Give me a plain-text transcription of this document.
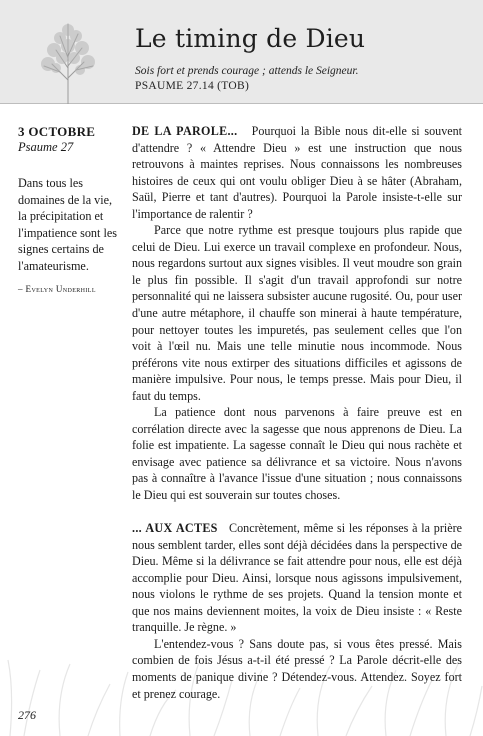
Le timing de Dieu
Sois fort et prends courage ; attends le Seigneur.
PSAUME 27.14 (TOB)
3 OCTOBRE
Psaume 27
Dans tous les domaines de la vie, la précipitation et l'impatience sont les signes certains de l'amateurisme.
– Evelyn Underhill

DE LA PAROLE... Pourquoi la Bible nous dit-elle si souvent d'attendre ? « Attendre Dieu » est une instruction que nous retrouvons à maintes reprises. Nous connaissons les nombreuses histoires de ceux qui ont voulu obliger Dieu à se hâter (Abraham, Saül, Pierre et tant d'autres). Pourquoi la Parole insiste-t-elle sur l'importance de ralentir ?

Parce que notre rythme est presque toujours plus rapide que celui de Dieu. Lui exerce un travail complexe en profondeur. Nous, nous regardons surtout aux signes visibles. Il veut moudre son grain le plus fin possible. Il s'agit d'un travail approfondi sur notre personnalité qui ne laissera subsister aucune rugosité. Ou, pour user d'une autre métaphore, il chauffe son minerai à haute température, pour nettoyer toutes les impuretés, pas seulement celles que l'on voit à l'œil nu. Mais une telle minutie nous incommode. Nous préférons vite nous extirper des situations difficiles et agissons de manière impulsive. Pour nous, le temps presse. Mais pour Dieu, il faut du temps.

La patience dont nous parvenons à faire preuve est en corrélation directe avec la sagesse que nous apprenons de Dieu. La folie est impatiente. La sagesse connaît le Dieu qui nous rachète et envisage avec patience sa délivrance et sa victoire. Nous n'avons pas à connaître à l'avance l'issue d'une situation ; nous connaissons le Dieu qui est souverain sur toutes choses.

... AUX ACTES Concrètement, même si les réponses à la prière nous semblent tarder, elles sont déjà décidées dans la perspective de Dieu. Même si la délivrance se fait attendre pour nous, elle est déjà accomplie pour Dieu. Ainsi, lorsque nous agissons impulsivement, nous violons le rythme de ses projets. Quand la tension monte et que nos mains deviennent moites, la voix de Dieu insiste : « Reste tranquille. Je règne. »

L'entendez-vous ? Sans doute pas, si vous êtes pressé. Mais combien de fois Jésus a-t-il été pressé ? La Parole décrit-elle des moments de panique divine ? Détendez-vous. Attendez. Soyez fort et prenez courage.

276
